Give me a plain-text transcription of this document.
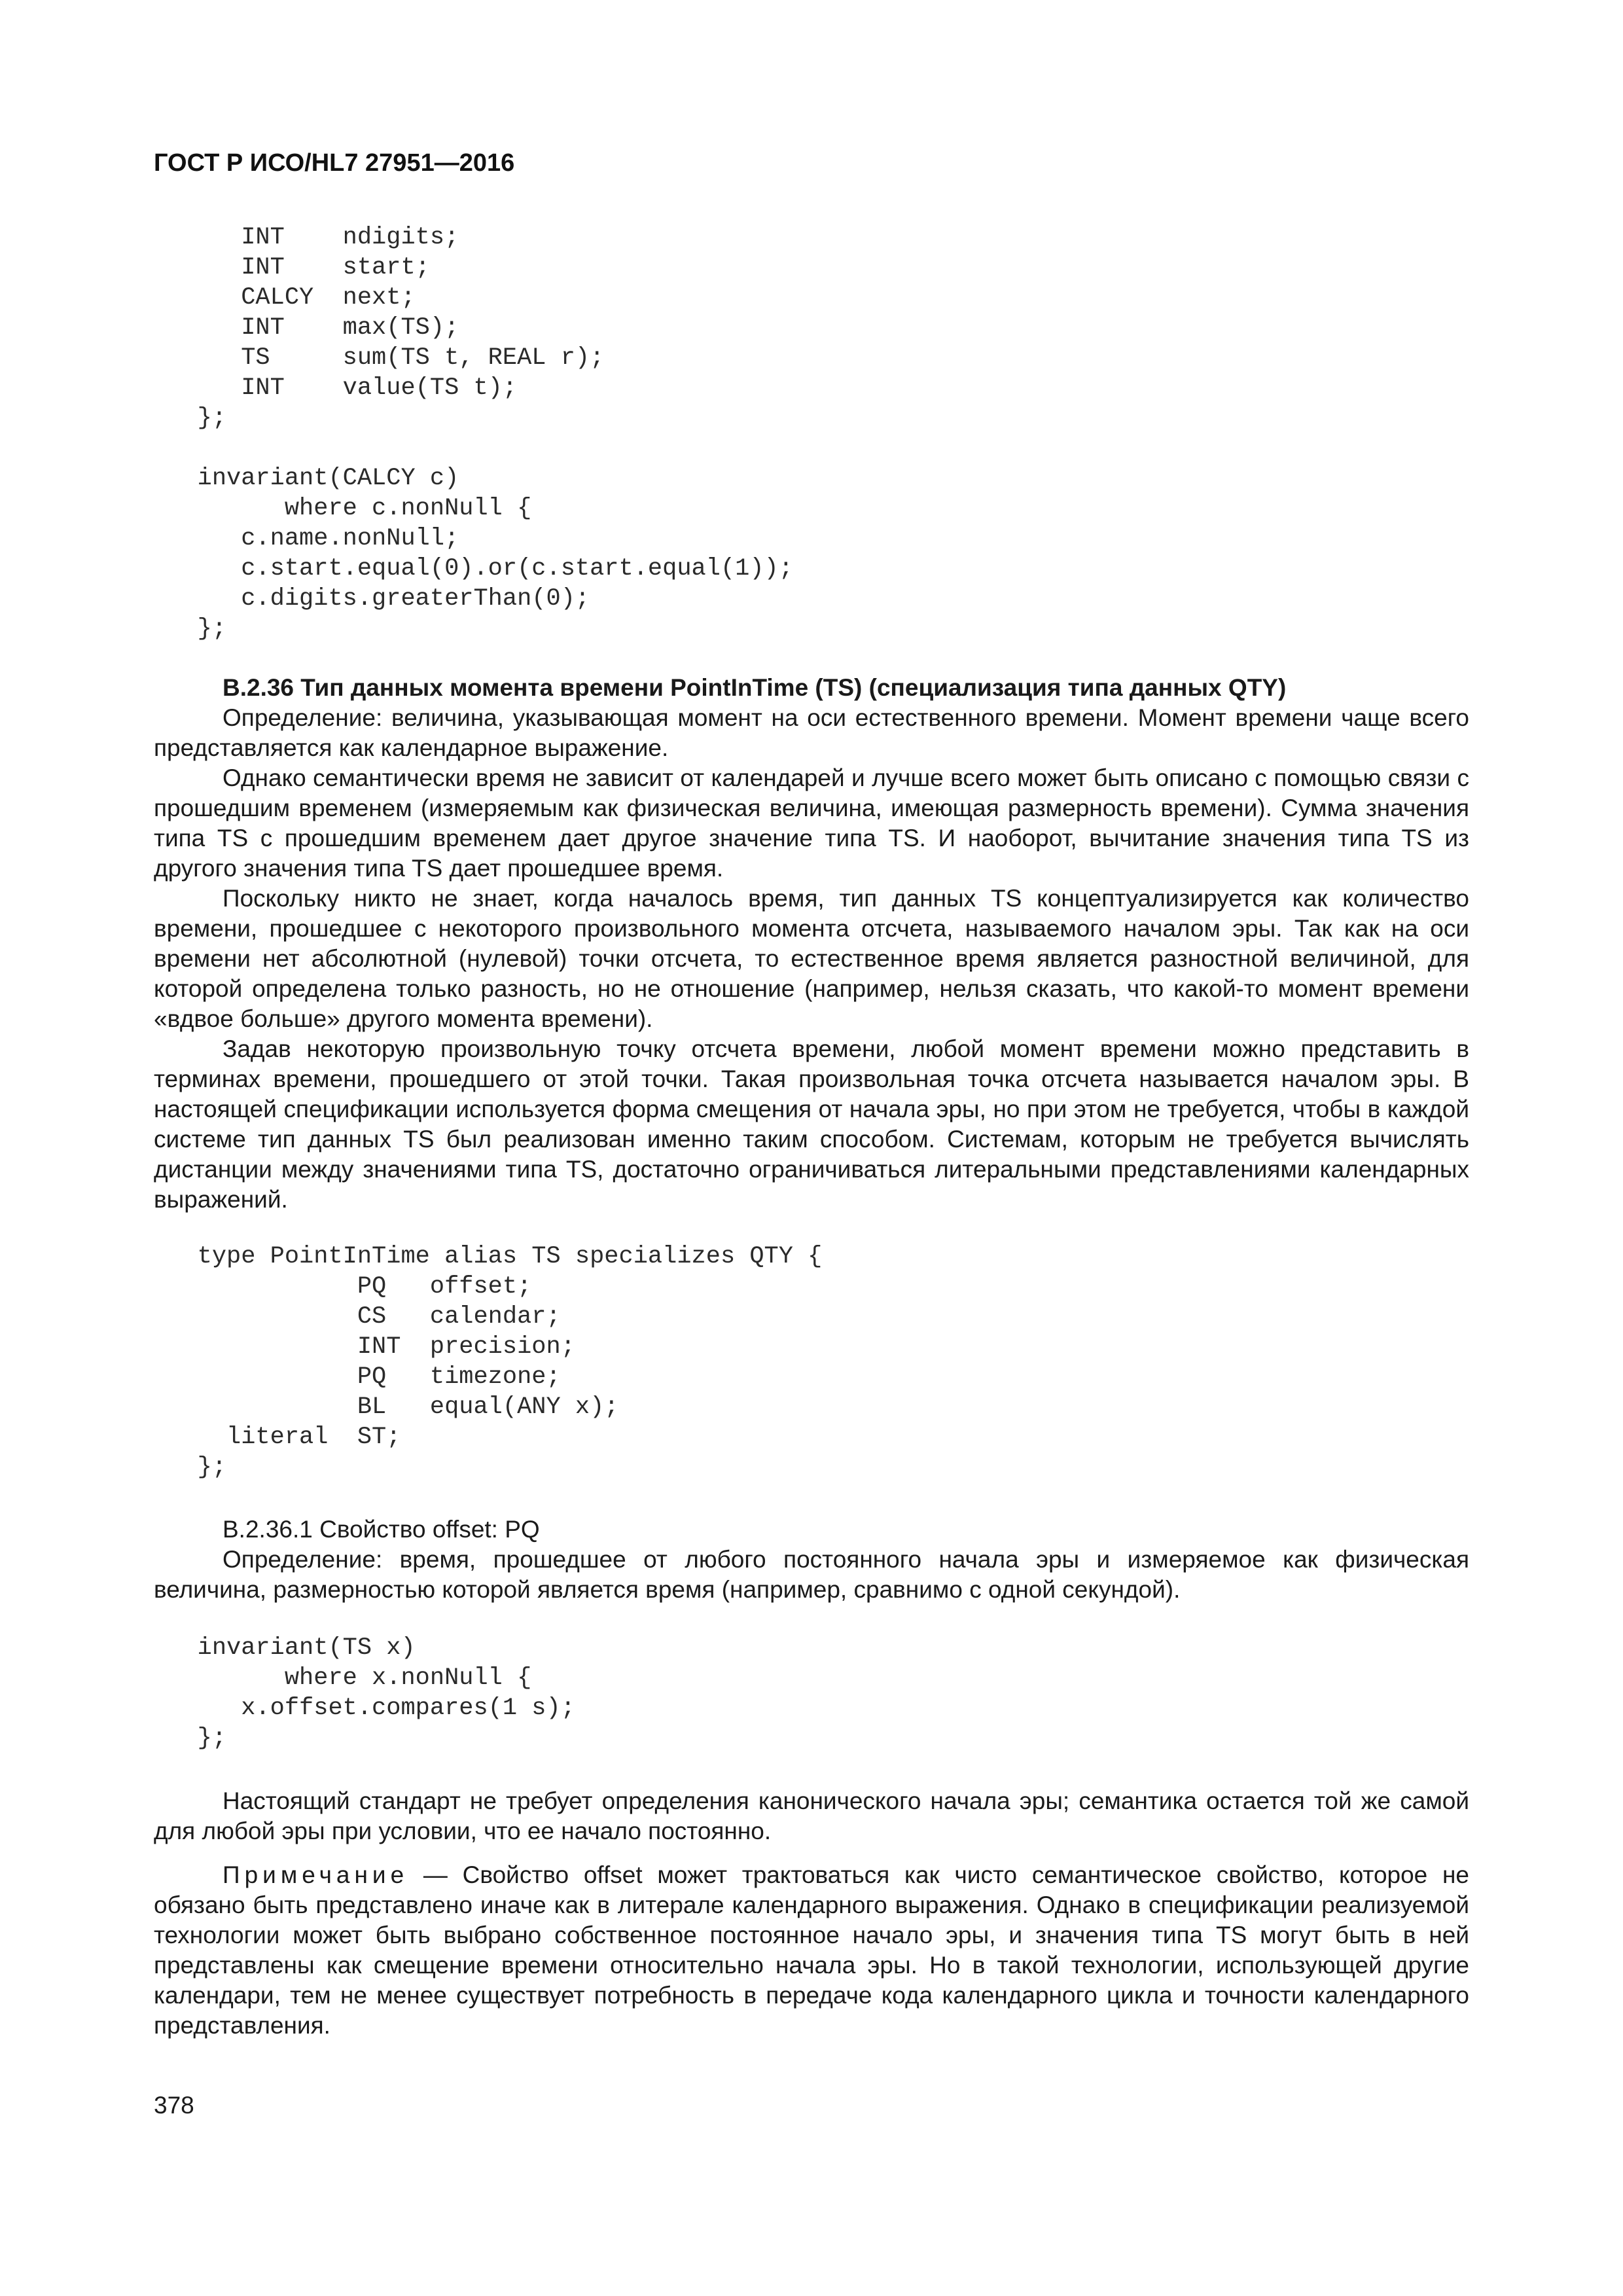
ГОСТ Р ИСО/HL7 27951—2016
INT    ndigits;
INT    start;
CALCY  next;
INT    max(TS);
TS     sum(TS t, REAL r);
INT    value(TS t);
};
invariant(CALCY c)
where c.nonNull {
c.name.nonNull;
c.start.equal(0).or(c.start.equal(1));
c.digits.greaterThan(0);
};

B.2.36 Тип данных момента времени PointInTime (TS) (специализация типа данных QTY)

Определение: величина, указывающая момент на оси естественного времени. Момент времени чаще всего представляется как календарное выражение.

Однако семантически время не зависит от календарей и лучше всего может быть описано с помощью связи с прошедшим временем (измеряемым как физическая величина, имеющая размерность времени). Сумма значения типа TS с прошедшим временем дает другое значение типа TS. И наоборот, вычитание значения типа TS из другого значения типа TS дает прошедшее время.

Поскольку никто не знает, когда началось время, тип данных TS концептуализируется как количество времени, прошедшее с некоторого произвольного момента отсчета, называемого началом эры. Так как на оси времени нет абсолютной (нулевой) точки отсчета, то естественное время является разностной величиной, для которой определена только разность, но не отношение (например, нельзя сказать, что какой-то момент времени «вдвое больше» другого момента времени).

Задав некоторую произвольную точку отсчета времени, любой момент времени можно представить в терминах времени, прошедшего от этой точки. Такая произвольная точка отсчета называется началом эры. В настоящей спецификации используется форма смещения от начала эры, но при этом не требуется, чтобы в каждой системе тип данных TS был реализован именно таким способом. Системам, которым не требуется вычислять дистанции между значениями типа TS, достаточно ограничиваться литеральными представлениями календарных выражений.

type PointInTime alias TS specializes QTY {
PQ   offset;
CS   calendar;
INT  precision;
PQ   timezone;
BL   equal(ANY x);
literal  ST;
};

B.2.36.1 Свойство offset: PQ

Определение: время, прошедшее от любого постоянного начала эры и измеряемое как физическая величина, размерностью которой является время (например, сравнимо с одной секундой).

invariant(TS x)
where x.nonNull {
x.offset.compares(1 s);
};

Настоящий стандарт не требует определения канонического начала эры; семантика остается той же самой для любой эры при условии, что ее начало постоянно.

Примечание — Свойство offset может трактоваться как чисто семантическое свойство, которое не обязано быть представлено иначе как в литерале календарного выражения. Однако в спецификации реализуемой технологии может быть выбрано собственное постоянное начало эры, и значения типа TS могут быть в ней представлены как смещение времени относительно начала эры. Но в такой технологии, использующей другие календари, тем не менее существует потребность в передаче кода календарного цикла и точности календарного представления.

378
